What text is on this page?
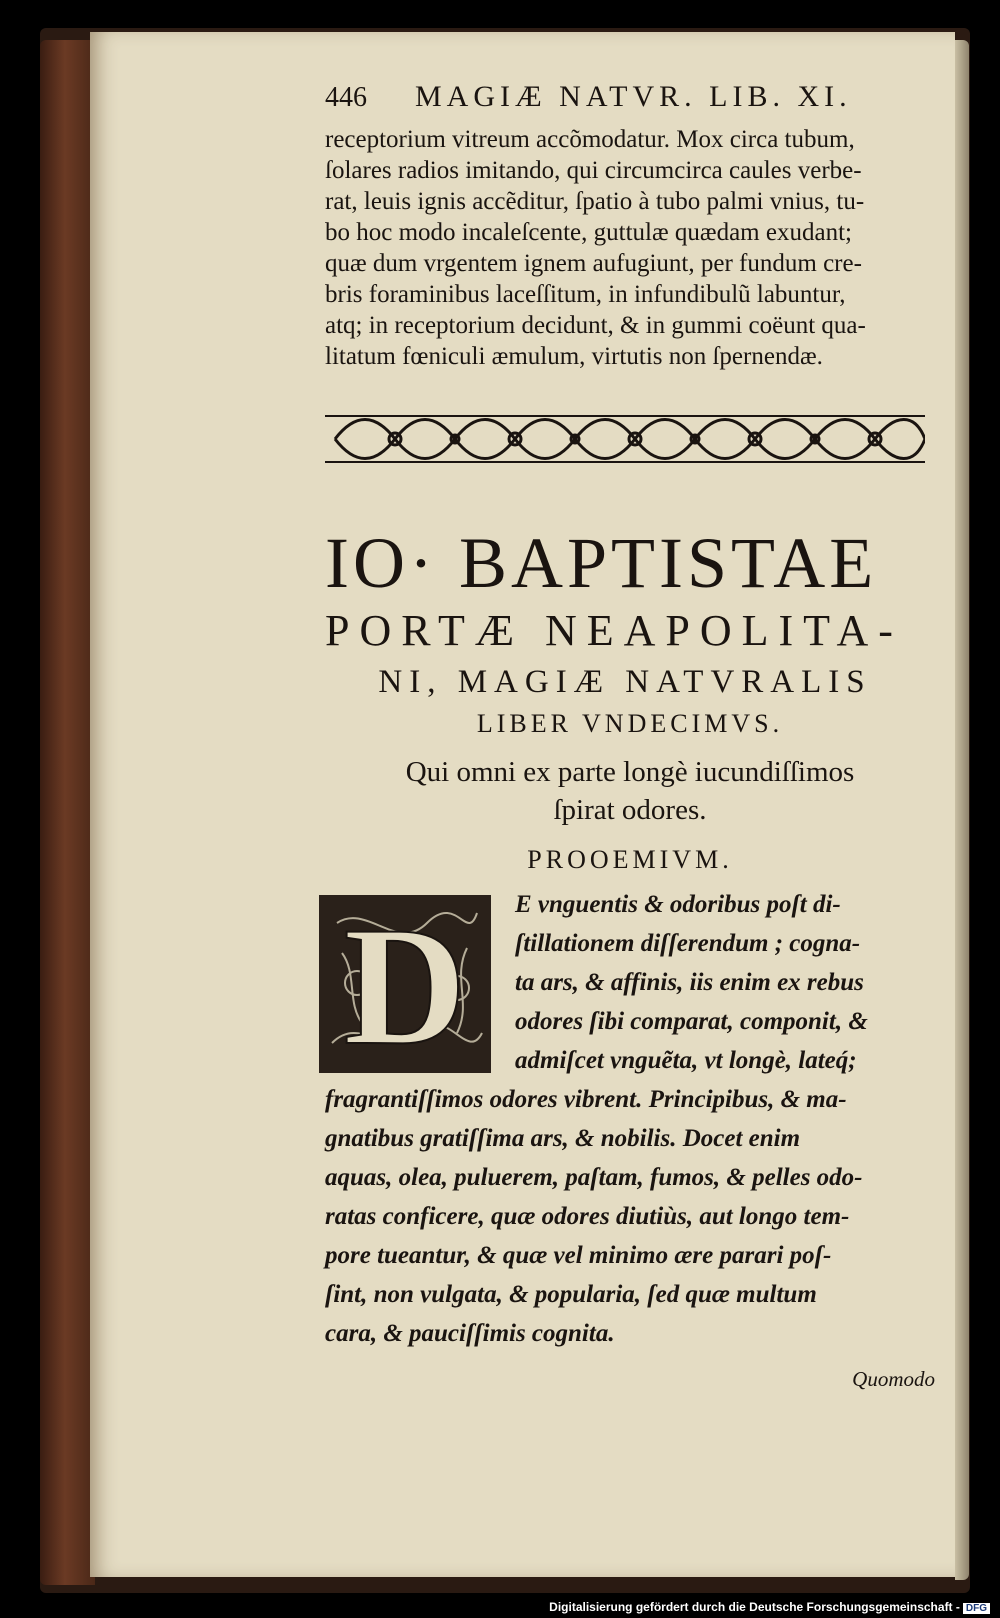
446 MAGIÆ NATVR. LIB. XI.
receptorium vitreum accõmodatur. Mox circa tubum,
ſolares radios imitando, qui circumcirca caules verbe-
rat, leuis ignis accẽditur, ſpatio à tubo palmi vnius, tu-
bo hoc modo incaleſcente, guttulæ quædam exudant;
quæ dum vrgentem ignem aufugiunt, per fundum cre-
bris foraminibus laceſſitum, in infundibulũ labuntur,
atq; in receptorium decidunt, & in gummi coëunt qua-
litatum fœniculi æmulum, virtutis non ſpernendæ.
IO· BAPTISTAE
PORTÆ NEAPOLITA-
NI, MAGIÆ NATVRALIS
LIBER VNDECIMVS.
Qui omni ex parte longè iucundiſſimos
ſpirat odores.
PROOEMIVM.
D E vnguentis & odoribus poſt di-
ſtillationem diſſerendum ; cogna-
ta ars, & affinis, iis enim ex rebus
odores ſibi comparat, componit, &
admiſcet vnguẽta, vt longè, lateq́;
fragrantiſſimos odores vibrent. Principibus, & ma-
gnatibus gratiſſima ars, & nobilis. Docet enim
aquas, olea, puluerem, paſtam, fumos, & pelles odo-
ratas conficere, quæ odores diutiùs, aut longo tem-
pore tueantur, & quæ vel minimo ære parari poſ-
ſint, non vulgata, & popularia, ſed quæ multum
cara, & pauciſſimis cognita.
Quomodo
Digitalisierung gefördert durch die Deutsche Forschungsgemeinschaft - DFG
